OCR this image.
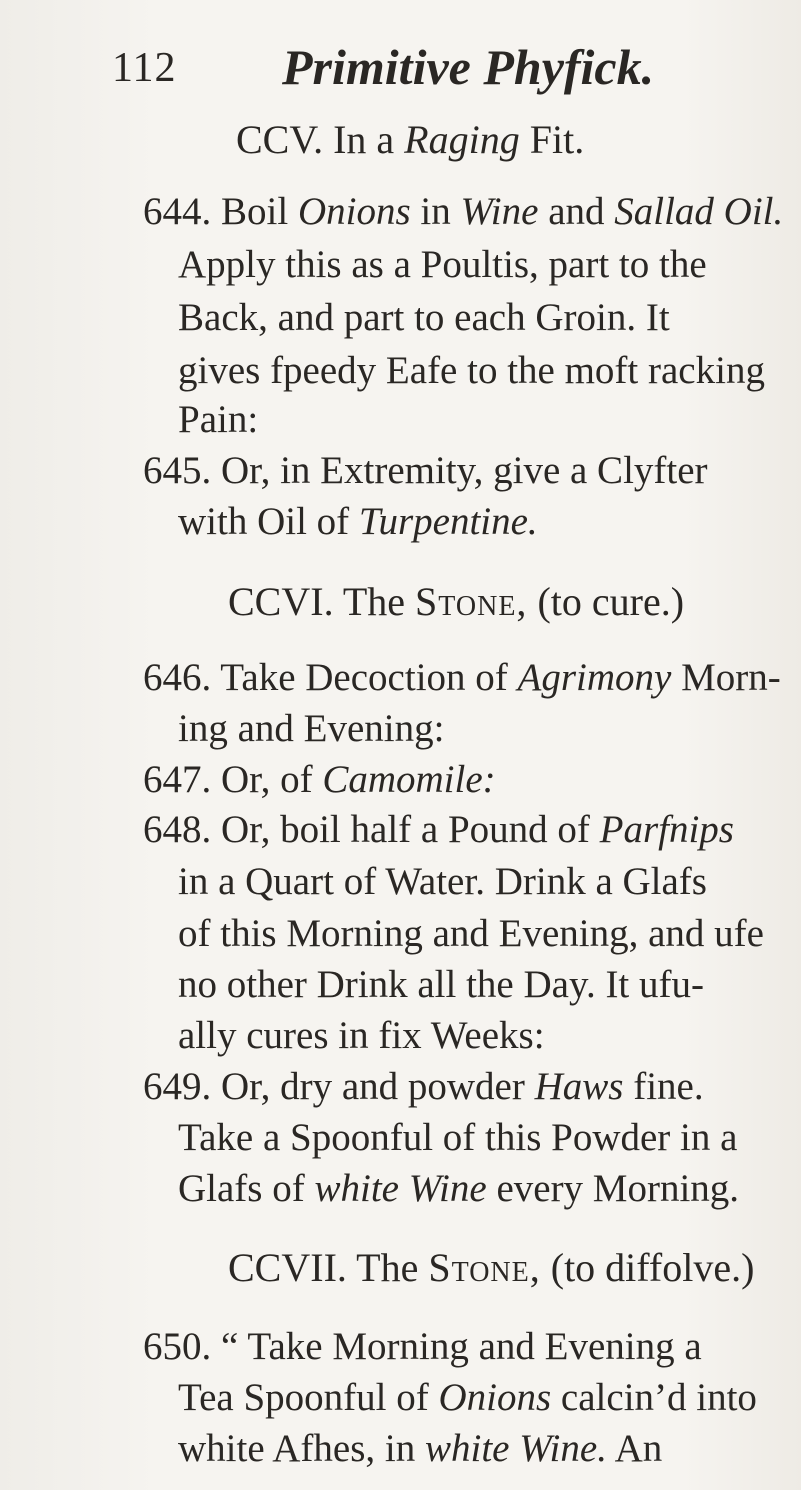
112 Primitive Phyfick.
CCV. In a Raging Fit.
644. Boil Onions in Wine and Sallad Oil.
Apply this as a Poultis, part to the
Back, and part to each Groin. It
gives fpeedy Eafe to the moft racking
Pain:
645. Or, in Extremity, give a Clyfter
with Oil of Turpentine.
CCVI. The Stone, (to cure.)
646. Take Decoction of Agrimony Morn-
ing and Evening:
647. Or, of Camomile:
648. Or, boil half a Pound of Parfnips
in a Quart of Water. Drink a Glafs
of this Morning and Evening, and ufe
no other Drink all the Day. It ufu-
ally cures in fix Weeks:
649. Or, dry and powder Haws fine.
Take a Spoonful of this Powder in a
Glafs of white Wine every Morning.
CCVII. The Stone, (to diffolve.)
650. “ Take Morning and Evening a
Tea Spoonful of Onions calcin’d into
white Afhes, in white Wine. An
